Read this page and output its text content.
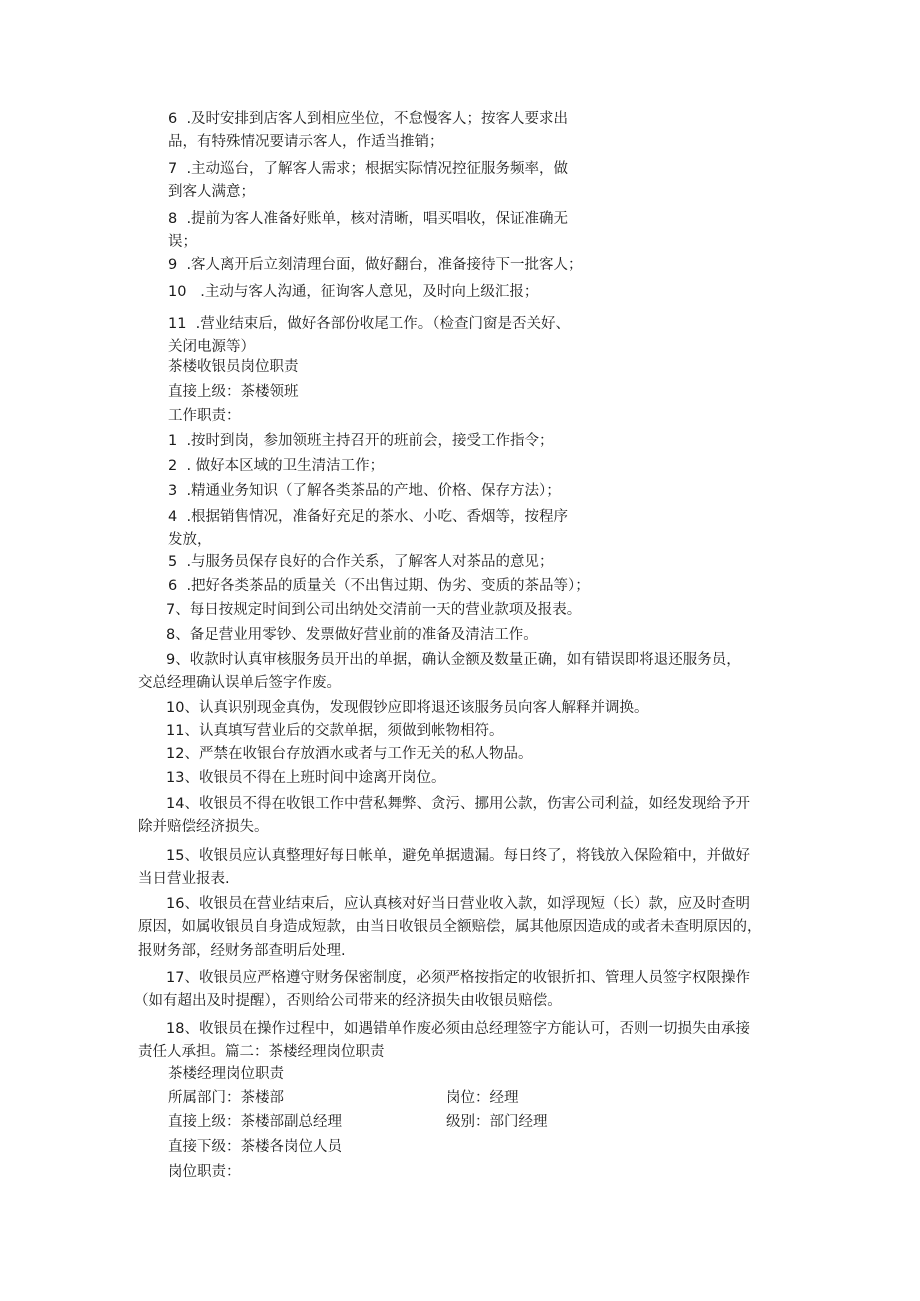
6  .及时安排到店客人到相应坐位，不怠慢客人；按客人要求出
品，有特殊情况要请示客人，作适当推销；
7  .主动巡台，了解客人需求；根据实际情况控征服务频率，做
到客人满意；
8  .提前为客人准备好账单，核对清晰，唱买唱收，保证准确无
误；
9  .客人离开后立刻清理台面，做好翻台，准备接待下一批客人；
10   .主动与客人沟通，征询客人意见，及时向上级汇报；
11  .营业结束后，做好各部份收尾工作。（检查门窗是否关好、
关闭电源等）
茶楼收银员岗位职责
直接上级：茶楼领班
工作职责：
1  .按时到岗，参加领班主持召开的班前会，接受工作指令；
2  . 做好本区域的卫生清洁工作；
3  .精通业务知识（了解各类茶品的产地、价格、保存方法）；
4  .根据销售情况，准备好充足的茶水、小吃、香烟等，按程序
发放，
5  .与服务员保存良好的合作关系，了解客人对茶品的意见；
6  .把好各类茶品的质量关（不出售过期、伪劣、变质的茶品等）；
7、每日按规定时间到公司出纳处交清前一天的营业款项及报表。
8、备足营业用零钞、发票做好营业前的准备及清洁工作。
9、收款时认真审核服务员开出的单据，确认金额及数量正确，如有错误即将退还服务员，
交总经理确认误单后签字作废。
10、认真识别现金真伪，发现假钞应即将退还该服务员向客人解释并调换。
11、认真填写营业后的交款单据，须做到帐物相符。
12、严禁在收银台存放酒水或者与工作无关的私人物品。
13、收银员不得在上班时间中途离开岗位。
14、收银员不得在收银工作中营私舞弊、贪污、挪用公款，伤害公司利益，如经发现给予开
除并赔偿经济损失。
15、收银员应认真整理好每日帐单，避免单据遗漏。每日终了，将钱放入保险箱中，并做好
当日营业报表.
16、收银员在营业结束后，应认真核对好当日营业收入款，如浮现短（长）款，应及时查明
原因，如属收银员自身造成短款，由当日收银员全额赔偿，属其他原因造成的或者未查明原因的，
报财务部，经财务部查明后处理.
17、收银员应严格遵守财务保密制度，必须严格按指定的收银折扣、管理人员签字权限操作
（如有超出及时提醒），否则给公司带来的经济损失由收银员赔偿。
18、收银员在操作过程中，如遇错单作废必须由总经理签字方能认可，否则一切损失由承接
责任人承担。篇二：茶楼经理岗位职责
茶楼经理岗位职责
所属部门：茶楼部	岗位：经理
直接上级：茶楼部副总经理	级别：部门经理
直接下级：茶楼各岗位人员
岗位职责：
